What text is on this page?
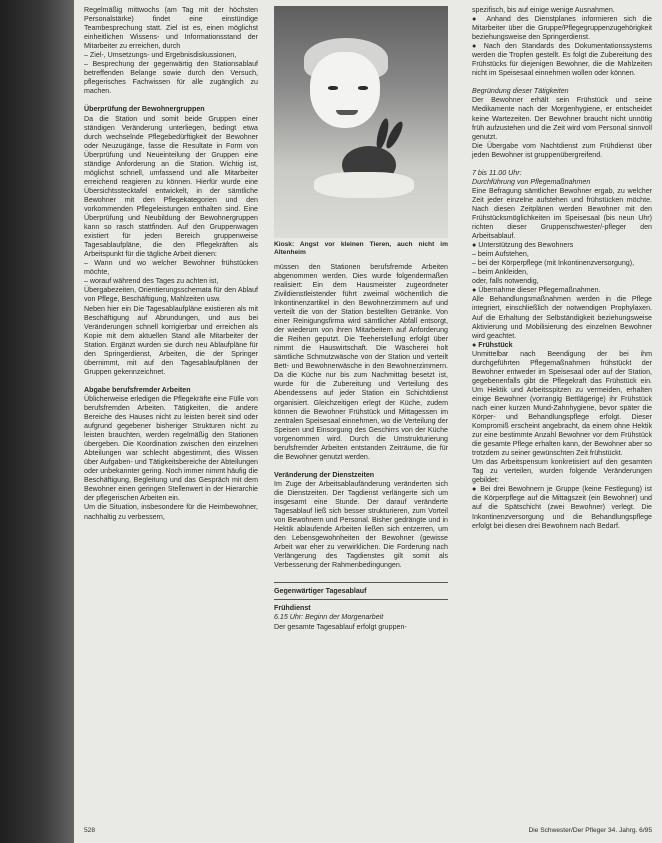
Regelmäßig mittwochs (am Tag mit der höchsten Personalstärke) findet eine einstündige Teambesprechung statt. Ziel ist es, einen möglichst einheitlichen Wissens- und Informationsstand der Mitarbeiter zu erreichen, durch

– Ziel-, Umsetzungs- und Ergebnisdiskussionen,

– Besprechung der gegenwärtig den Stationsablauf betreffenden Belange sowie durch den Versuch, pflegerisches Fachwissen für alle zugänglich zu machen.

Überprüfung der Bewohnergruppen

Da die Station und somit beide Gruppen einer ständigen Veränderung unterliegen, bedingt etwa durch wechselnde Pflegebedürftigkeit der Bewohner oder Neuzugänge, fasse die Resultate in Form von Überprüfung und Neueinteilung der Gruppen eine ständige Anforderung an die Station. Wichtig ist, möglichst schnell, umfassend und alle Mitarbeiter erreichend reagieren zu können. Hierfür wurde eine Übersichtsstecktafel entwickelt, in der sämtliche Bewohner mit den Pflegekategorien und den vorkommenden Pflegeleistungen enthalten sind. Eine Überprüfung und Neubildung der Bewohnergruppen kann so rasch stattfinden. Auf den Gruppenwagen existiert für jeden Bereich gruppenweise Tagesablaufpläne, die den Pflegekräften als Arbeitspunkt für die tägliche Arbeit dienen:

– Wann und wo welcher Bewohner frühstücken möchte,

– worauf während des Tages zu achten ist,

Übergabezeiten, Orientierungsschemata für den Ablauf von Pflege, Beschäftigung, Mahlzeiten usw.

Neben hier ein Die Tagesablaufpläne existieren als mit Beschäftigung auf Abrundungen, und aus bei Veränderungen schnell korrigierbar und erreichen als Kopie mit dem aktuellen Stand alle Mitarbeiter der Station. Ergänzt wurden sie durch neu Ablaufpläne für den Springerdienst, Arbeiten, die der Springer übernimmt, mit auf den Tagesablaufplänen der Gruppen gekennzeichnet.

Abgabe berufsfremder Arbeiten

Üblicherweise erledigen die Pflegekräfte eine Fülle von berufsfremden Arbeiten. Tätigkeiten, die andere Bereiche des Hauses nicht zu leisten bereit sind oder aufgrund gegebener bisheriger Strukturen nicht zu leisten brauchten, werden regelmäßig den Stationen übergeben. Die Koordination zwischen den einzelnen Abteilungen war schlecht abgestimmt, dies Wissen über Aufgaben- und Tätigkeitsbereiche der Abteilungen oder unbekannter gering. Noch immer nimmt häufig die Beschäftigung, Begleitung und das Gespräch mit dem Bewohner einen geringen Stellenwert in der Hierarchie der pflegerischen Arbeiten ein.

Um die Situation, insbesondere für die Heimbewohner, nachhaltig zu verbessern,

Kiosk: Angst vor kleinen Tieren, auch nicht im Altenheim

müssen den Stationen berufsfremde Arbeiten abgenommen werden. Dies wurde folgendermaßen realisiert: Ein dem Hausmeister zugeordneter Zivildienstleistender führt zweimal wöchentlich die Inkontinenzartikel in den Bewohnerzimmern auf und verteilt die von der Station bestellten Getränke. Von einer Reinigungsfirma wird sämtlicher Abfall entsorgt, der wiederum von ihren Mitarbeitern auf Anforderung die Reihen geputzt. Die Teeherstellung erfolgt über nimmt die Hauswirtschaft. Die Wäscherei holt sämtliche Schmutzwäsche von der Station und verteilt Bett- und Bewohnerwäsche in den Bewohnerzimmern. Da die Küche nur bis zum Nachmittag besetzt ist, wurde für die Zubereitung und Verteilung des Abendessens auf jeder Station ein Schichtdienst organisiert. Gleichzeitigen erlegt der Küche, zudem können die Bewohner Frühstück und Mittagessen im zentralen Speisesaal einnehmen, wo die Verteilung der Speisen und Einsorgung des Geschirrs von der Küche vorgenommen wird. Durch die Umstrukturierung berufsfremder Arbeiten entstanden Zeiträume, die für die Bewohner genutzt werden.

Veränderung der Dienstzeiten

Im Zuge der Arbeitsablaufänderung veränderten sich die Dienstzeiten. Der Tagdienst verlängerte sich um insgesamt eine Stunde. Der darauf veränderte Tagesablauf ließ sich besser strukturieren, zum Vorteil von Bewohnern und Personal. Bisher gedrängte und in Hektik ablaufende Arbeiten ließen sich entzerren, um den Lebensgewohnheiten der Bewohner (gewisse Arbeit war eher zu verwirklichen. Die Forderung nach Verlängerung des Tagdienstes gilt somit als Verbesserung der Rahmenbedingungen.

Gegenwärtiger Tagesablauf

Frühdienst

6.15 Uhr: Beginn der Morgenarbeit

Der gesamte Tagesablauf erfolgt gruppen-

spezifisch, bis auf einige wenige Ausnahmen.

● Anhand des Dienstplanes informieren sich die Mitarbeiter über die Gruppe/Pflegegruppenzugehörigkeit beziehungsweise den Springerdienst.

● Nach den Standards des Dokumentationssystems werden die Tropfen gestellt. Es folgt die Zubereitung des Frühstücks für diejenigen Bewohner, die die Mahlzeiten nicht im Speisesaal einnehmen wollen oder können.

Begründung dieser Tätigkeiten

Der Bewohner erhält sein Frühstück und seine Medikamente nach der Morgenhygiene, er entscheidet keine Wartezeiten. Der Bewohner braucht nicht unnötig früh aufzustehen und die Zeit wird vom Personal sinnvoll genutzt.

Die Übergabe vom Nachtdienst zum Frühdienst über jeden Bewohner ist gruppenübergreifend.

7 bis 11.00 Uhr:

Durchführung von Pflegemaßnahmen

Eine Befragung sämtlicher Bewohner ergab, zu welcher Zeit jeder einzelne aufstehen und frühstücken möchte. Nach diesen Zeitplänen werden Bewohner mit den Frühstücksmöglichkeiten im Speisesaal (bis neun Uhr) richten dieser Gruppenschwester/-pfleger den Arbeitsablauf.

● Unterstützung des Bewohners

– beim Aufstehen,

– bei der Körperpflege (mit Inkontinenzversorgung),

– beim Ankleiden,

oder, falls notwendig,

● Übernahme dieser Pflegemaßnahmen.

Alle Behandlungsmaßnahmen werden in die Pflege integriert, einschließlich der notwendigen Prophylaxen. Auf die Erhaltung der Selbständigkeit beziehungsweise Aktivierung und Mobilisierung des einzelnen Bewohner wird geachtet.

● Frühstück

Unmittelbar nach Beendigung der bei ihm durchgeführten Pflegemaßnahmen frühstückt der Bewohner entweder im Speisesaal oder auf der Station, gegebenenfalls gibt die Pflegekraft das Frühstück ein. Um Hektik und Arbeitsspitzen zu vermeiden, erhalten einige Bewohner (vorrangig Bettlägerige) ihr Frühstück nach einer kurzen Mund-Zahnhygiene, bevor später die Körper- und Behandlungspflege erfolgt. Dieser Kompromiß erscheint angebracht, da einem ohne Hektik zur eine bestimmte Anzahl Bewohner vor dem Frühstück die gesamte Pflege erhalten kann, der Bewohner aber so trotzdem zu seiner gewünschten Zeit frühstückt.

Um das Arbeitspensum konkretisiert auf den gesamten Tag zu verteilen, wurden folgende Veränderungen gebildet:

● Bei drei Bewohnern je Gruppe (keine Festlegung) ist die Körperpflege auf die Mittagszeit (ein Bewohner) und auf die Spätschicht (zwei Bewohner) verlegt. Die Inkontinenzversorgung und die Behandlungspflege erfolgt bei diesen drei Bewohnern nach Bedarf.

528	Die Schwester/Der Pfleger 34. Jahrg. 6/95
